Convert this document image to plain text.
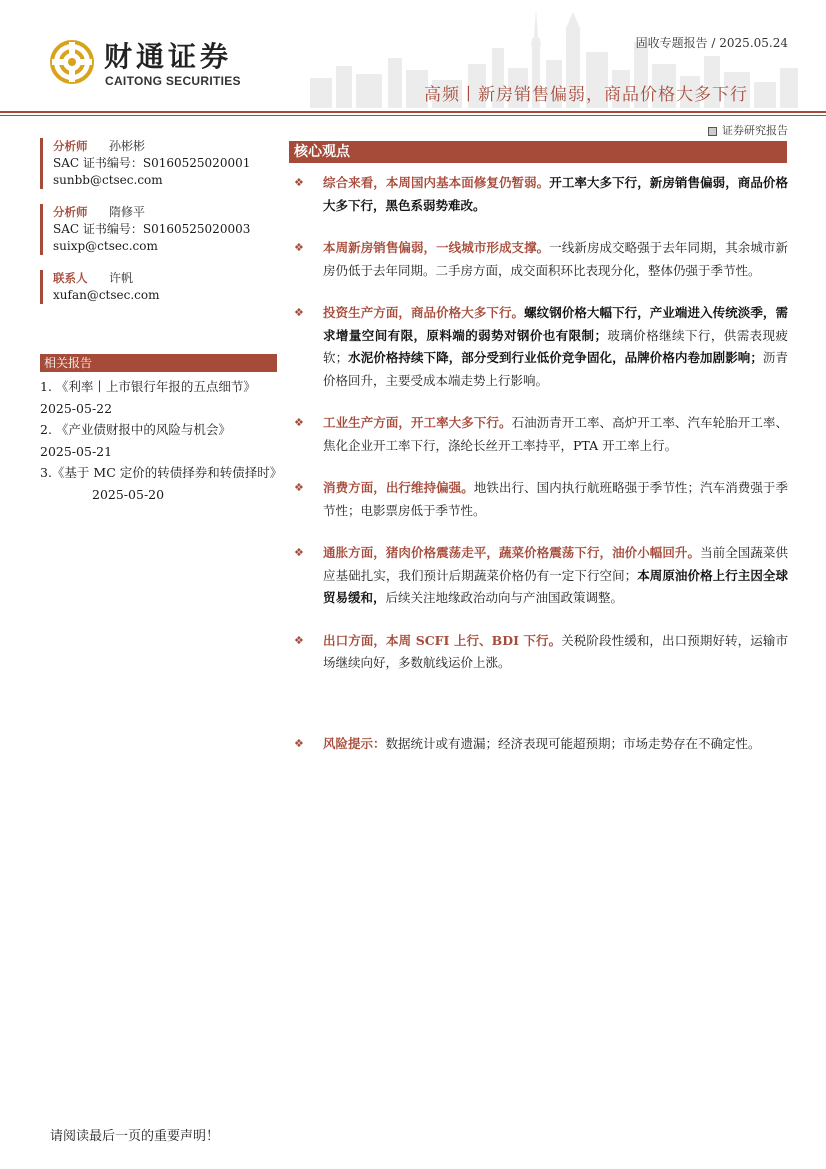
财通证券
CAITONG SECURITIES
固收专题报告 / 2025.05.24
高频丨新房销售偏弱，商品价格大多下行
证券研究报告
分析师 孙彬彬
SAC 证书编号：S0160525020001
sunbb@ctsec.com
分析师 隋修平
SAC 证书编号：S0160525020003
suixp@ctsec.com
联系人 许帆
xufan@ctsec.com
相关报告
1. 《利率丨上市银行年报的五点细节》
2025-05-22
2. 《产业债财报中的风险与机会》
2025-05-21
3.《基于 MC 定价的转债择券和转债择时》
2025-05-20
核心观点
❖ 综合来看，本周国内基本面修复仍暂弱。开工率大多下行，新房销售偏弱，商品价格大多下行，黑色系弱势难改。
❖ 本周新房销售偏弱，一线城市形成支撑。一线新房成交略强于去年同期，其余城市新房仍低于去年同期。二手房方面，成交面积环比表现分化，整体仍强于季节性。
❖ 投资生产方面，商品价格大多下行。螺纹钢价格大幅下行，产业端进入传统淡季，需求增量空间有限，原料端的弱势对钢价也有限制；玻璃价格继续下行，供需表现疲软；水泥价格持续下降，部分受到行业低价竞争固化，品牌价格内卷加剧影响；沥青价格回升，主要受成本端走势上行影响。
❖ 工业生产方面，开工率大多下行。石油沥青开工率、高炉开工率、汽车轮胎开工率、焦化企业开工率下行，涤纶长丝开工率持平，PTA 开工率上行。
❖ 消费方面，出行维持偏强。地铁出行、国内执行航班略强于季节性；汽车消费强于季节性；电影票房低于季节性。
❖ 通胀方面，猪肉价格震荡走平，蔬菜价格震荡下行，油价小幅回升。当前全国蔬菜供应基础扎实，我们预计后期蔬菜价格仍有一定下行空间；本周原油价格上行主因全球贸易缓和，后续关注地缘政治动向与产油国政策调整。
❖ 出口方面，本周 SCFI 上行、BDI 下行。关税阶段性缓和，出口预期好转，运输市场继续向好，多数航线运价上涨。
❖ 风险提示：数据统计或有遗漏；经济表现可能超预期；市场走势存在不确定性。
请阅读最后一页的重要声明！
